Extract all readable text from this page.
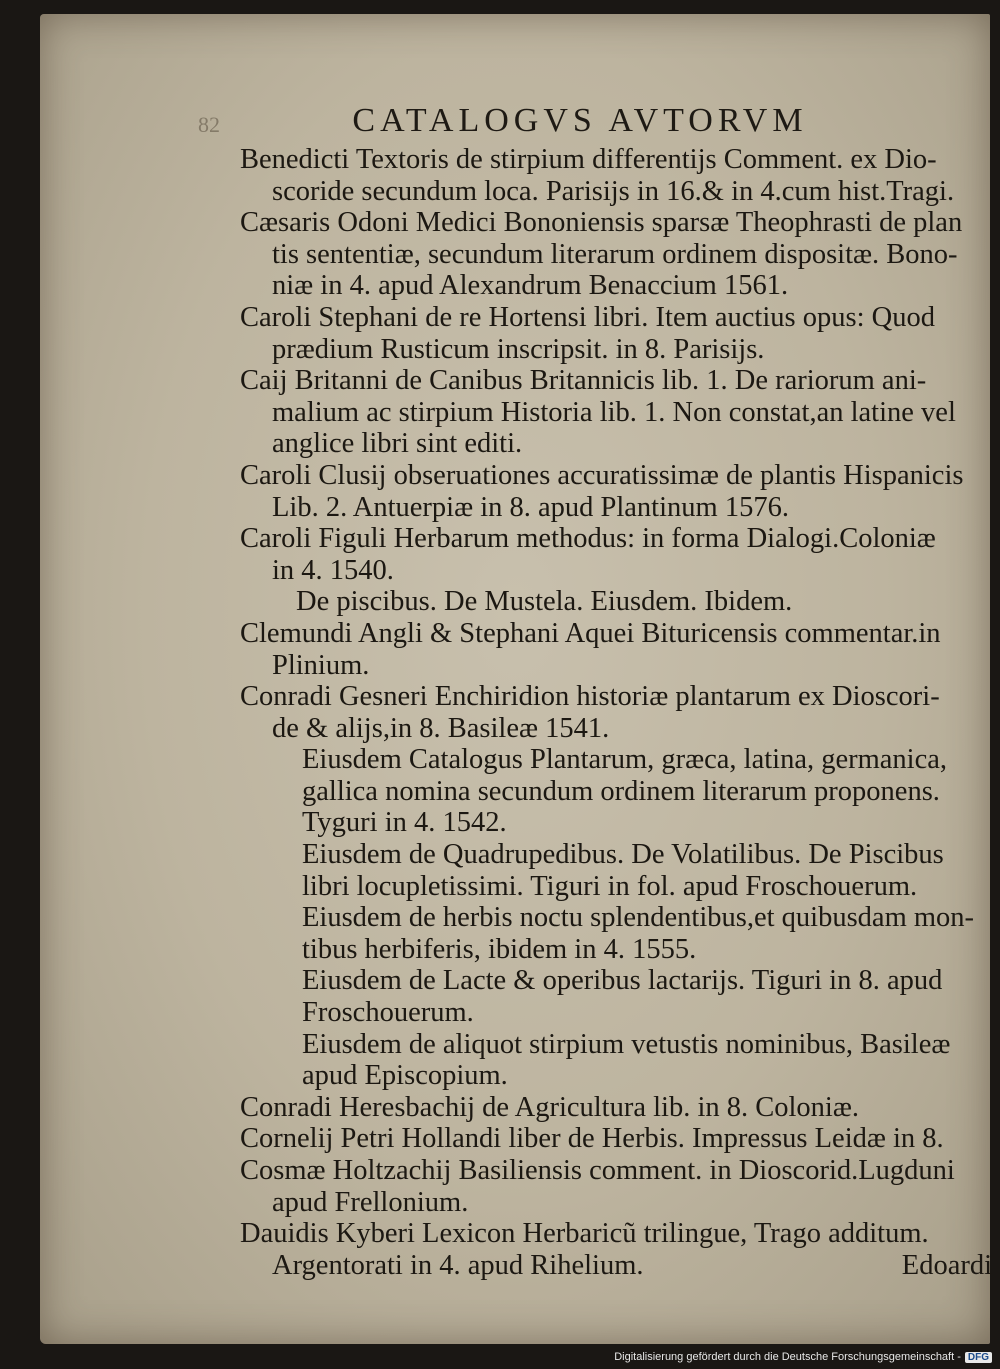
82	CATALOGVS AVTORVM
Benedicti Textoris de stirpium differentijs Comment. ex Dio-
scoride secundum loca. Parisijs in 16.& in 4.cum hist.Tragi.
Cæsaris Odoni Medici Bononiensis sparsæ Theophrasti de plan
tis sententiæ, secundum literarum ordinem dispositæ. Bono-
niæ in 4. apud Alexandrum Benaccium 1561.
Caroli Stephani de re Hortensi libri. Item auctius opus: Quod
prædium Rusticum inscripsit. in 8. Parisijs.
Caij Britanni de Canibus Britannicis lib. 1. De rariorum ani-
malium ac stirpium Historia lib. 1. Non constat,an latine vel
anglice libri sint editi.
Caroli Clusij obseruationes accuratissimæ de plantis Hispanicis
Lib. 2. Antuerpiæ in 8. apud Plantinum 1576.
Caroli Figuli Herbarum methodus: in forma Dialogi.Coloniæ
in 4. 1540.
De piscibus. De Mustela. Eiusdem. Ibidem.
Clemundi Angli & Stephani Aquei Bituricensis commentar.in
Plinium.
Conradi Gesneri Enchiridion historiæ plantarum ex Dioscori-
de & alijs,in 8. Basileæ 1541.
Eiusdem Catalogus Plantarum, græca, latina, germanica,
gallica nomina secundum ordinem literarum proponens.
Tyguri in 4. 1542.
Eiusdem de Quadrupedibus. De Volatilibus. De Piscibus
libri locupletissimi. Tiguri in fol. apud Froschouerum.
Eiusdem de herbis noctu splendentibus,et quibusdam mon-
tibus herbiferis, ibidem in 4. 1555.
Eiusdem de Lacte & operibus lactarijs. Tiguri in 8. apud
Froschouerum.
Eiusdem de aliquot stirpium vetustis nominibus, Basileæ
apud Episcopium.
Conradi Heresbachij de Agricultura lib. in 8. Coloniæ.
Cornelij Petri Hollandi liber de Herbis. Impressus Leidæ in 8.
Cosmæ Holtzachij Basiliensis comment. in Dioscorid.Lugduni
apud Frellonium.
Dauidis Kyberi Lexicon Herbaricũ trilingue, Trago additum.
Argentorati in 4. apud Rihelium.	Edoardi
Digitalisierung gefördert durch die Deutsche Forschungsgemeinschaft - DFG
